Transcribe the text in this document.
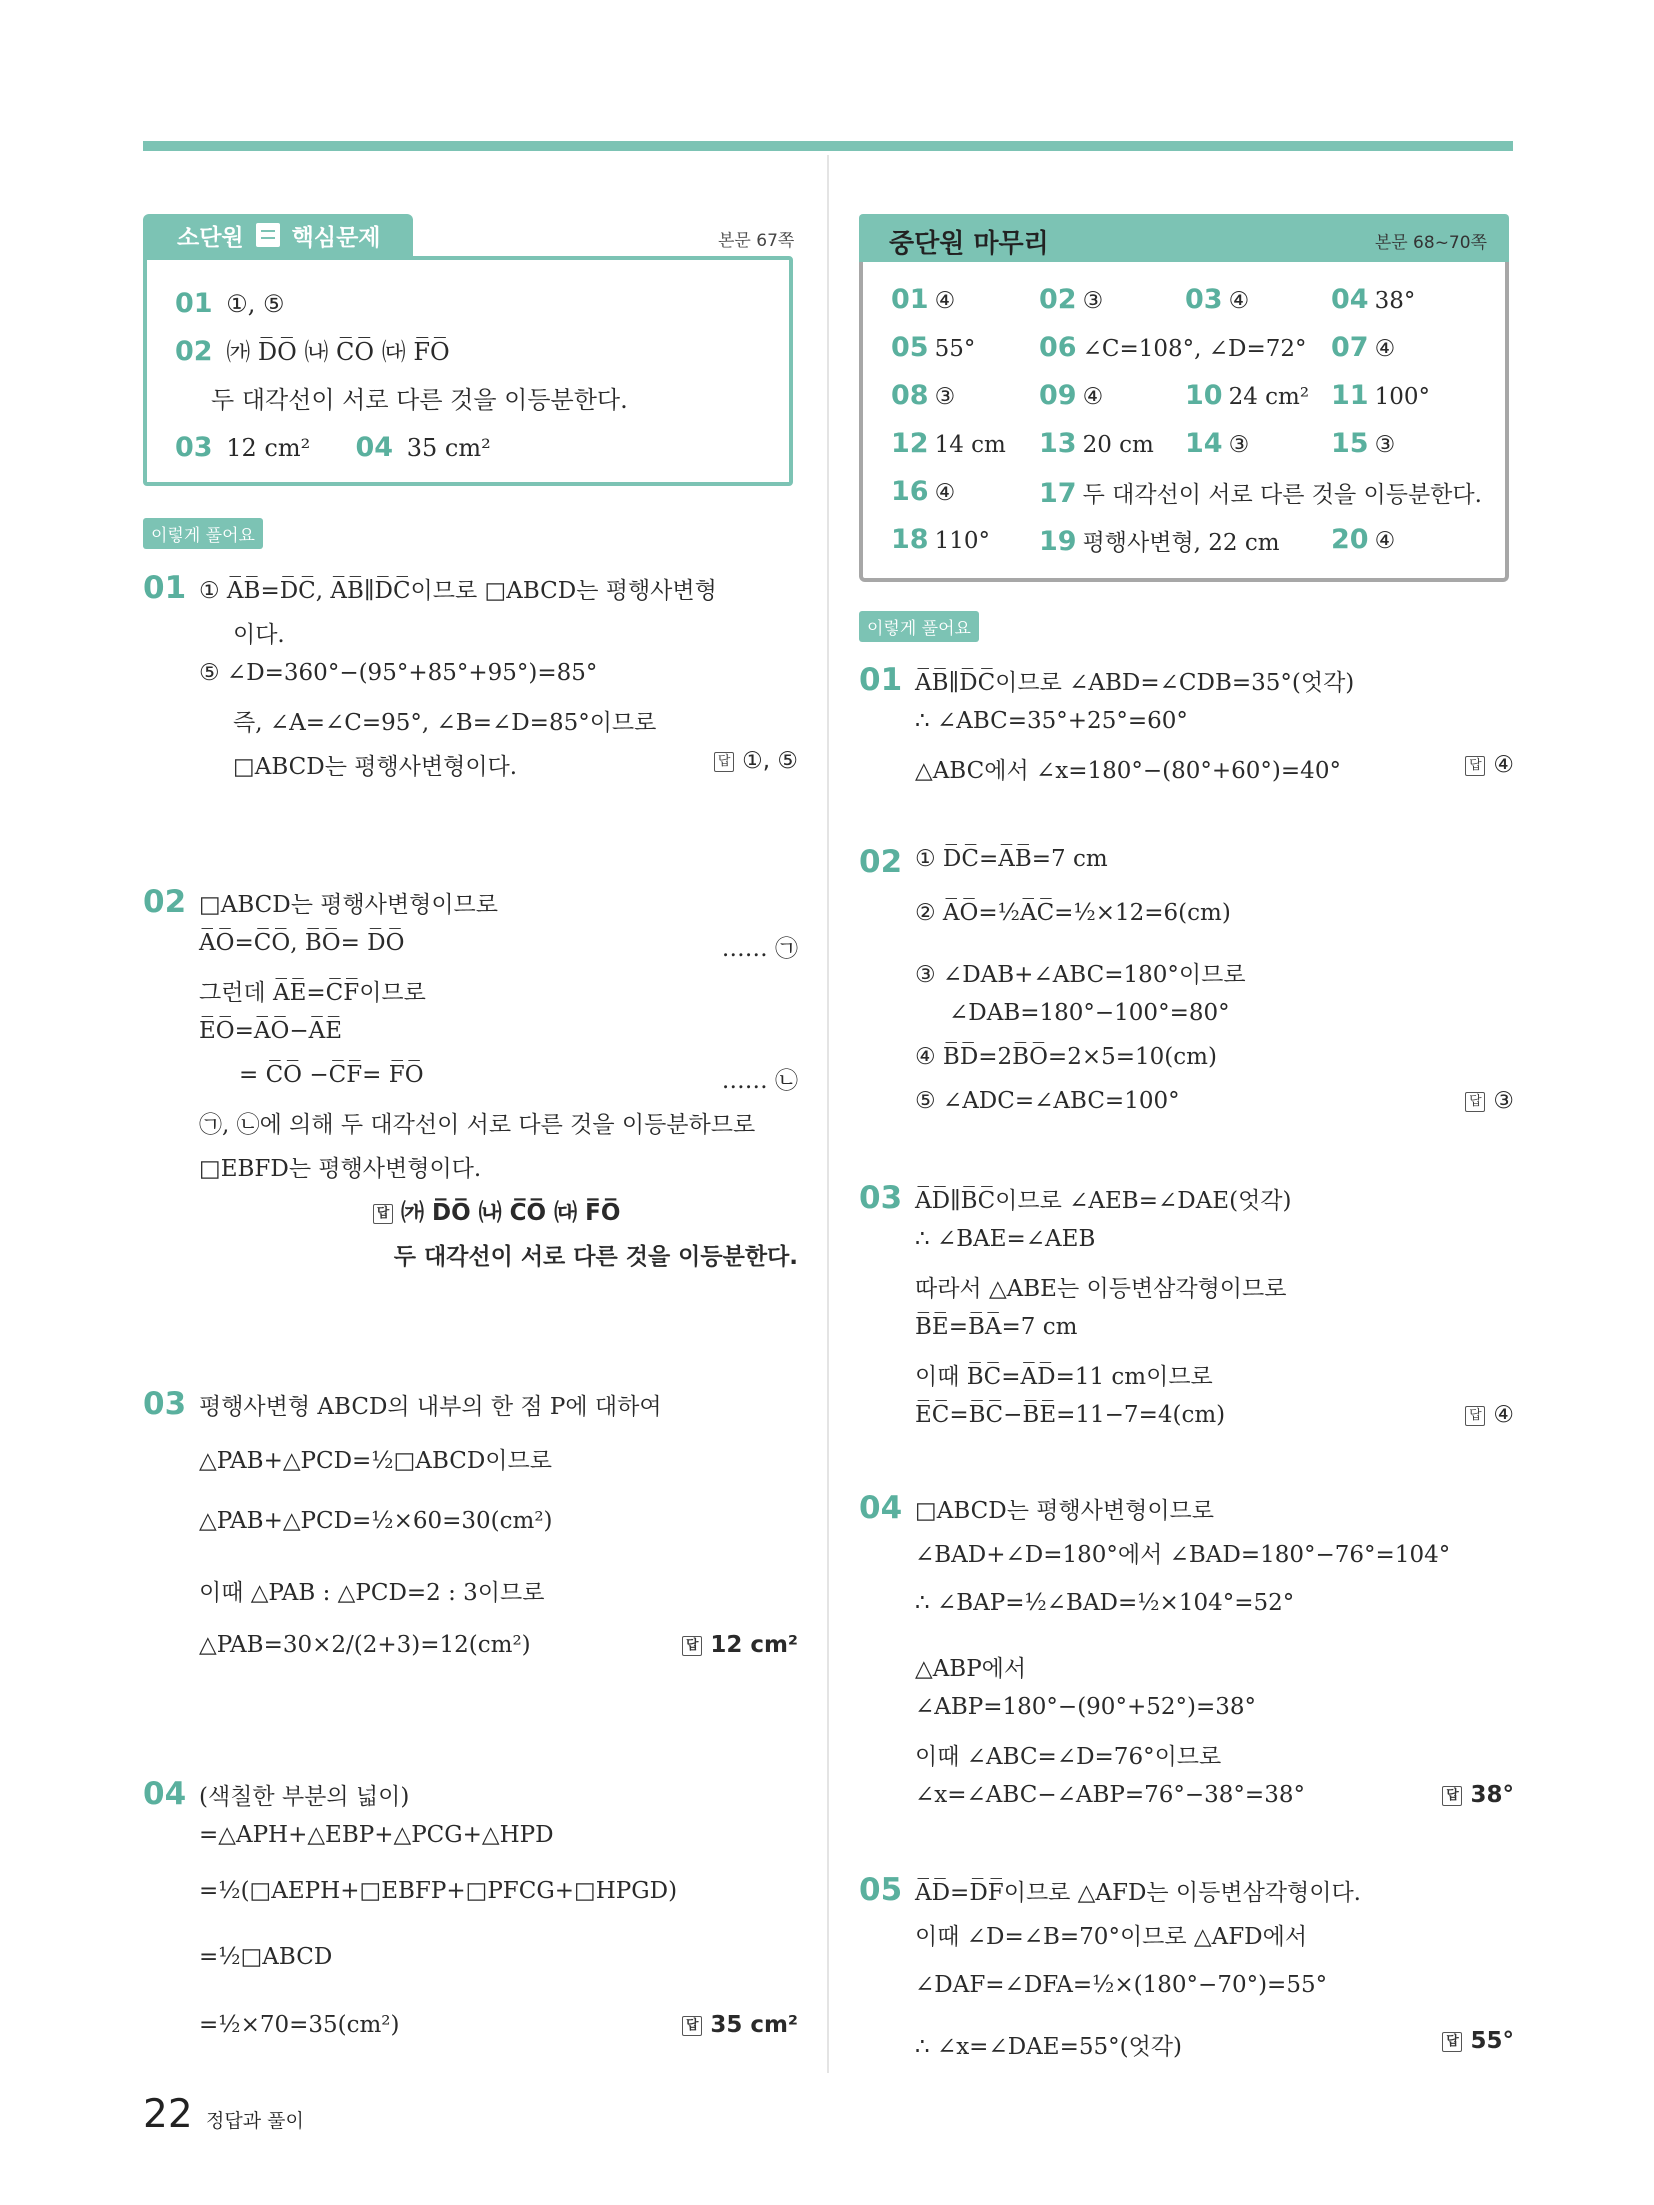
소단원 핵심문제	본문 67쪽
01 ①, ⑤
02 ㈎ D̅O̅ ㈏ C̅O̅ ㈐ F̅O̅
두 대각선이 서로 다른 것을 이등분한다.
03 12 cm² 04 35 cm²
이렇게 풀어요
01 ① A̅B̅=D̅C̅, A̅B̅∥D̅C̅이므로 □ABCD는 평행사변형
이다.
⑤ ∠D=360°−(95°+85°+95°)=85°
즉, ∠A=∠C=95°, ∠B=∠D=85°이므로
□ABCD는 평행사변형이다.	답 ①, ⑤
02 □ABCD는 평행사변형이므로
A̅O̅=C̅O̅, B̅O̅= D̅O̅	…… ㉠
그런데 A̅E̅=C̅F̅이므로
E̅O̅=A̅O̅−A̅E̅
= C̅O̅ −C̅F̅= F̅O̅	…… ㉡
㉠, ㉡에 의해 두 대각선이 서로 다른 것을 이등분하므로
□EBFD는 평행사변형이다.
답 ㈎ D̅O̅ ㈏ C̅O̅ ㈐ F̅O̅
두 대각선이 서로 다른 것을 이등분한다.
03 평행사변형 ABCD의 내부의 한 점 P에 대하여
△PAB+△PCD=½□ABCD이므로
△PAB+△PCD=½×60=30(cm²)
이때 △PAB : △PCD=2 : 3이므로
△PAB=30×2/(2+3)=12(cm²)	답 12 cm²
04 (색칠한 부분의 넓이)
=△APH+△EBP+△PCG+△HPD
=½(□AEPH+□EBFP+□PFCG+□HPGD)
=½□ABCD
=½×70=35(cm²)	답 35 cm²
중단원 마무리	본문 68~70쪽
01 ④	02 ③	03 ④	04 38°
05 55° 06 ∠C=108°, ∠D=72° 07 ④
08 ③	09 ④	10 24 cm² 11 100°
12 14 cm 13 20 cm 14 ③	15 ③
16 ④	17 두 대각선이 서로 다른 것을 이등분한다.
18 110° 19 평행사변형, 22 cm 20 ④
이렇게 풀어요
01 A̅B̅∥D̅C̅이므로 ∠ABD=∠CDB=35°(엇각)
∴ ∠ABC=35°+25°=60°
△ABC에서 ∠x=180°−(80°+60°)=40°	답 ④
02 ① D̅C̅=A̅B̅=7 cm
② A̅O̅=½A̅C̅=½×12=6(cm)
③ ∠DAB+∠ABC=180°이므로
∠DAB=180°−100°=80°
④ B̅D̅=2B̅O̅=2×5=10(cm)
⑤ ∠ADC=∠ABC=100°	답 ③
03 A̅D̅∥B̅C̅이므로 ∠AEB=∠DAE(엇각)
∴ ∠BAE=∠AEB
따라서 △ABE는 이등변삼각형이므로
B̅E̅=B̅A̅=7 cm
이때 B̅C̅=A̅D̅=11 cm이므로
E̅C̅=B̅C̅−B̅E̅=11−7=4(cm)	답 ④
04 □ABCD는 평행사변형이므로
∠BAD+∠D=180°에서 ∠BAD=180°−76°=104°
∴ ∠BAP=½∠BAD=½×104°=52°
△ABP에서
∠ABP=180°−(90°+52°)=38°
이때 ∠ABC=∠D=76°이므로
∠x=∠ABC−∠ABP=76°−38°=38°	답 38°
05 A̅D̅=D̅F̅이므로 △AFD는 이등변삼각형이다.
이때 ∠D=∠B=70°이므로 △AFD에서
∠DAF=∠DFA=½×(180°−70°)=55°
∴ ∠x=∠DAE=55°(엇각)	답 55°
22 정답과 풀이
